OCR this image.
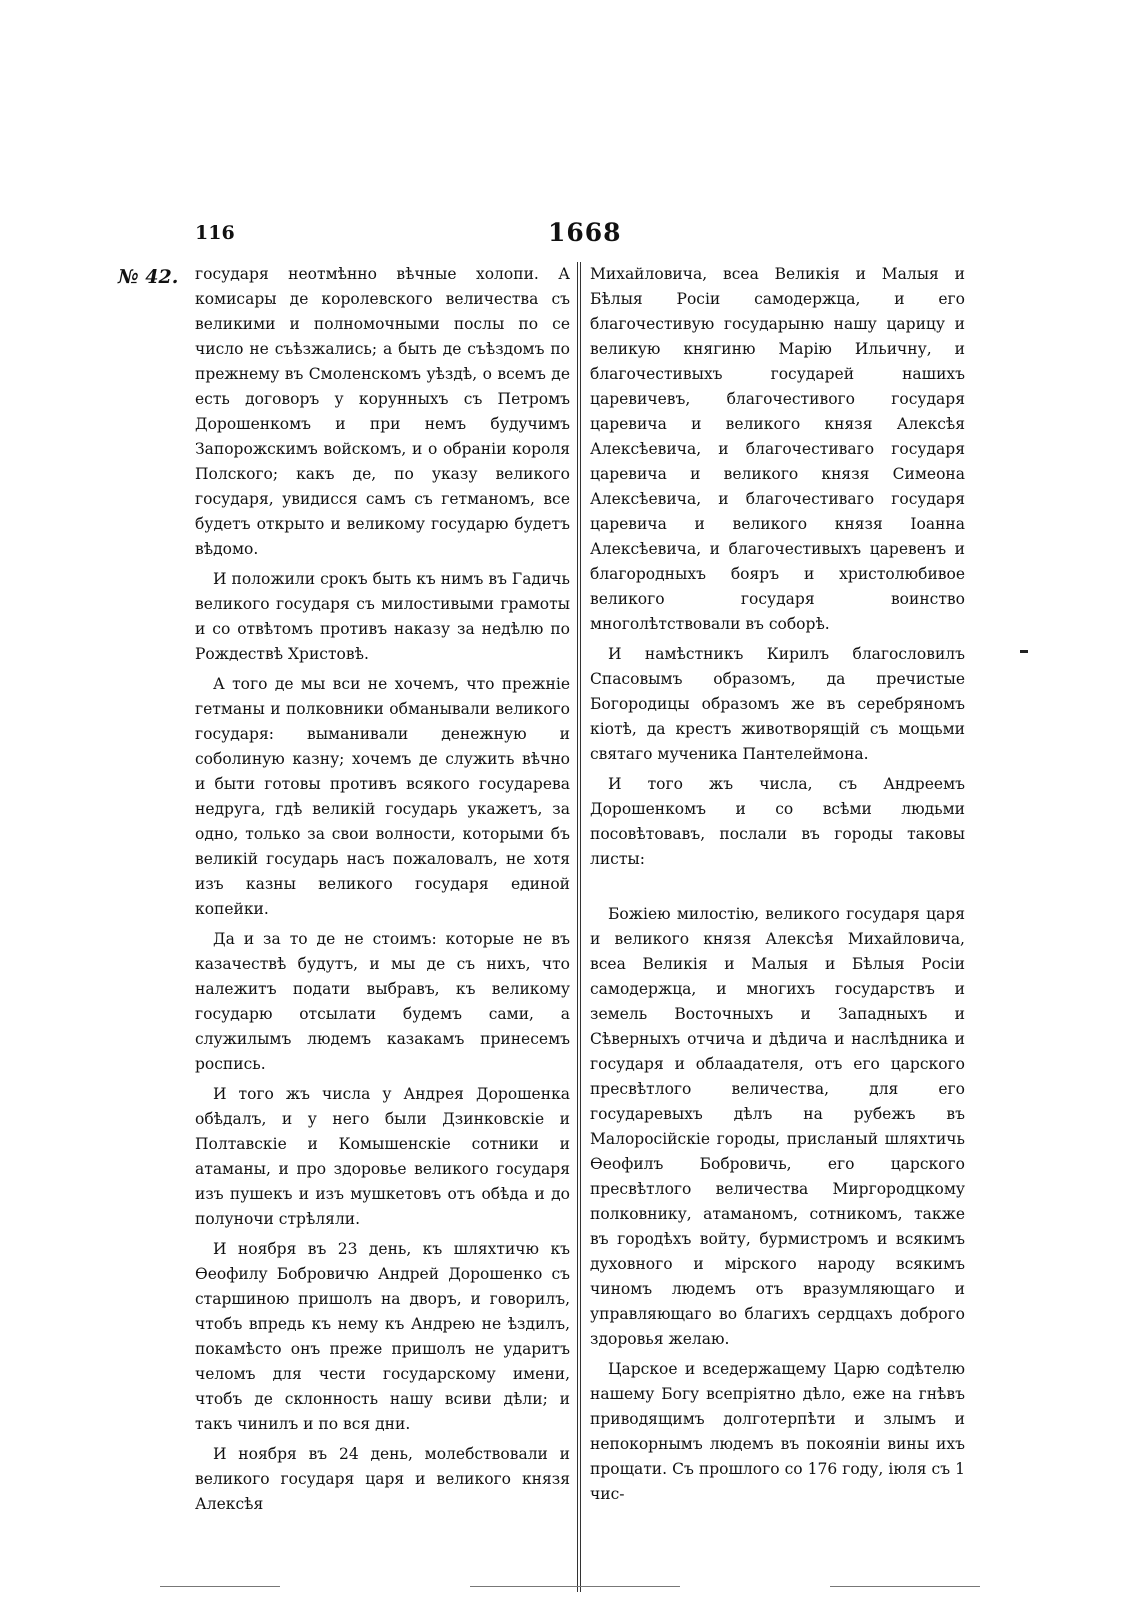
116	1668
№ 42. государя неотмѣнно вѣчные холопи. А комисары де королевского величества съ великими и полномочными послы по се число не съѣзжались; а быть де съѣздомъ по прежнему въ Смоленскомъ уѣздѣ, о всемъ де есть договоръ у корунныхъ съ Петромъ Дорошенкомъ и при немъ будучимъ Запорожскимъ войскомъ, и о обраніи короля Полского; какъ де, по указу великого государя, увидисся самъ съ гетманомъ, все будетъ открыто и великому государю будетъ вѣдомо.

И положили срокъ быть къ нимъ въ Гадичь великого государя съ милостивыми грамоты и со отвѣтомъ противъ наказу за недѣлю по Рождествѣ Христовѣ.

А того де мы вси не хочемъ, что прежніе гетманы и полковники обманывали великого государя: выманивали денежную и соболиную казну; хочемъ де служить вѣчно и быти готовы противъ всякого государева недруга, гдѣ великій государь укажетъ, за одно, только за свои волности, которыми бъ великій государь насъ пожаловалъ, не хотя изъ казны великого государя единой копейки.

Да и за то де не стоимъ: которые не въ казачествѣ будутъ, и мы де съ нихъ, что належитъ подати выбравъ, къ великому государю отсылати будемъ сами, а служилымъ людемъ казакамъ принесемъ роспись.

И того жъ числа у Андрея Дорошенка обѣдалъ, и у него были Дзинковскіе и Полтавскіе и Комышенскіе сотники и атаманы, и про здоровье великого государя изъ пушекъ и изъ мушкетовъ отъ обѣда и до полуночи стрѣляли.

И ноября въ 23 день, къ шляхтичю къ Ѳеофилу Бобровичю Андрей Дорошенко съ старшиною пришолъ на дворъ, и говорилъ, чтобъ впредь къ нему къ Андрею не ѣздилъ, покамѣсто онъ преже пришолъ не ударитъ челомъ для чести государскому имени, чтобъ де склонность нашу всиви дѣли; и такъ чинилъ и по вся дни.

И ноября въ 24 день, молебствовали и великого государя царя и великого князя Алексѣя

Михайловича, всеа Великія и Малыя и Бѣлыя Росіи самодержца, и его благочестивую государыню нашу царицу и великую княгиню Марію Ильичну, и благочестивыхъ государей нашихъ царевичевъ, благочестивого государя царевича и великого князя Алексѣя Алексѣевича, и благочестиваго государя царевича и великого князя Симеона Алексѣевича, и благочестиваго государя царевича и великого князя Іоанна Алексѣевича, и благочестивыхъ царевенъ и благородныхъ бояръ и христолюбивое великого государя воинство многолѣтствовали въ соборѣ.

И намѣстникъ Кирилъ благословилъ Спасовымъ образомъ, да пречистые Богородицы образомъ же въ серебряномъ кіотѣ, да крестъ животворящій съ мощьми святаго мученика Пантелеймона.

И того жъ числа, съ Андреемъ Дорошенкомъ и со всѣми людьми посовѣтовавъ, послали въ городы таковы листы:

Божіею милостію, великого государя царя и великого князя Алексѣя Михайловича, всеа Великія и Малыя и Бѣлыя Росіи самодержца, и многихъ государствъ и земель Восточныхъ и Западныхъ и Сѣверныхъ отчича и дѣдича и наслѣдника и государя и облаадателя, отъ его царского пресвѣтлого величества, для его государевыхъ дѣлъ на рубежъ въ Малоросійскіе городы, присланый шляхтичь Ѳеофилъ Бобровичь, его царского пресвѣтлого величества Миргородцкому полковнику, атаманомъ, сотникомъ, также въ городѣхъ войту, бурмистромъ и всякимъ духовного и мірского народу всякимъ чиномъ людемъ отъ вразумляющаго и управляющаго во благихъ сердцахъ доброго здоровья желаю.

Царское и вседержащему Царю содѣтелю нашему Богу всепріятно дѣло, еже на гнѣвъ приводящимъ долготерпѣти и злымъ и непокорнымъ людемъ въ покояніи вины ихъ прощати. Съ прошлого со 176 году, іюля съ 1 чис-
